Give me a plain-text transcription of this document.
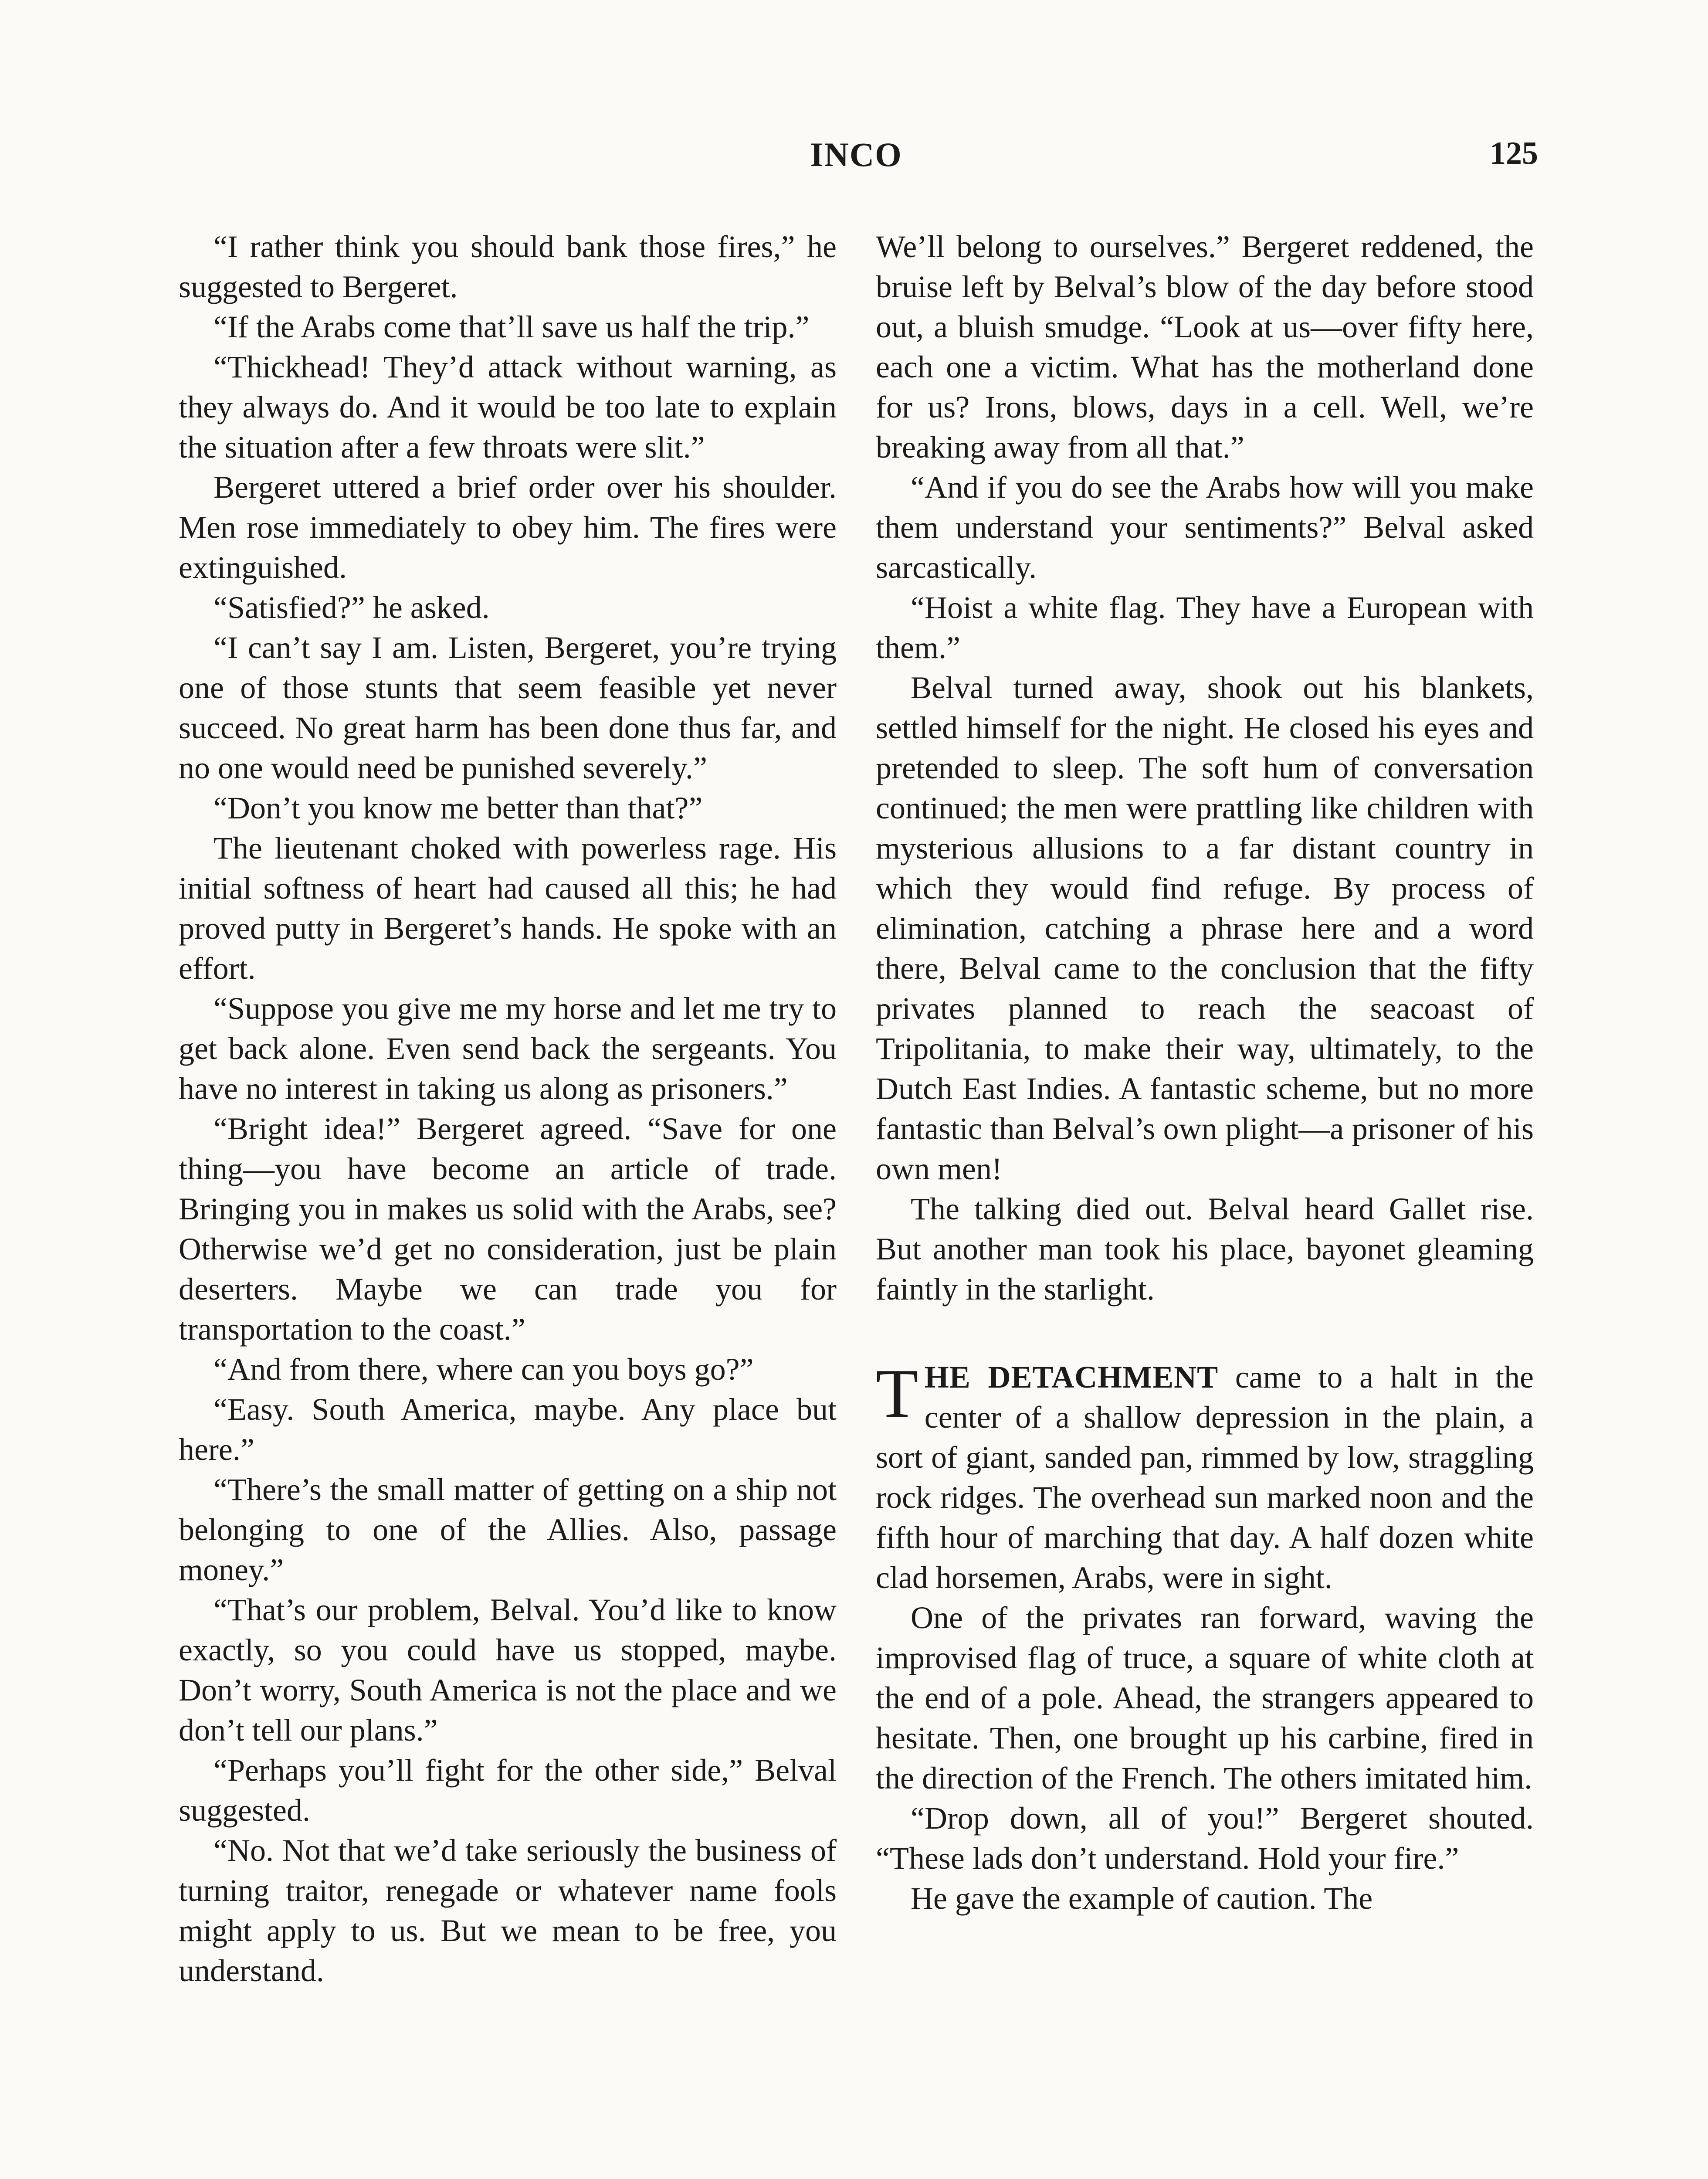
INCO	125

“I rather think you should bank those fires,” he suggested to Bergeret.

“If the Arabs come that’ll save us half the trip.”

“Thickhead! They’d attack without warning, as they always do. And it would be too late to explain the situation after a few throats were slit.”

Bergeret uttered a brief order over his shoulder. Men rose immediately to obey him. The fires were extinguished.

“Satisfied?” he asked.

“I can’t say I am. Listen, Bergeret, you’re trying one of those stunts that seem feasible yet never succeed. No great harm has been done thus far, and no one would need be punished severely.”

“Don’t you know me better than that?”

The lieutenant choked with powerless rage. His initial softness of heart had caused all this; he had proved putty in Bergeret’s hands. He spoke with an effort.

“Suppose you give me my horse and let me try to get back alone. Even send back the sergeants. You have no interest in taking us along as prisoners.”

“Bright idea!” Bergeret agreed. “Save for one thing—you have become an article of trade. Bringing you in makes us solid with the Arabs, see? Otherwise we’d get no consideration, just be plain deserters. Maybe we can trade you for transportation to the coast.”

“And from there, where can you boys go?”

“Easy. South America, maybe. Any place but here.”

“There’s the small matter of getting on a ship not belonging to one of the Allies. Also, passage money.”

“That’s our problem, Belval. You’d like to know exactly, so you could have us stopped, maybe. Don’t worry, South America is not the place and we don’t tell our plans.”

“Perhaps you’ll fight for the other side,” Belval suggested.

“No. Not that we’d take seriously the business of turning traitor, renegade or whatever name fools might apply to us. But we mean to be free, you understand.

We’ll belong to ourselves.” Bergeret reddened, the bruise left by Belval’s blow of the day before stood out, a bluish smudge. “Look at us—over fifty here, each one a victim. What has the motherland done for us? Irons, blows, days in a cell. Well, we’re breaking away from all that.”

“And if you do see the Arabs how will you make them understand your sentiments?” Belval asked sarcastically.

“Hoist a white flag. They have a European with them.”

Belval turned away, shook out his blankets, settled himself for the night. He closed his eyes and pretended to sleep. The soft hum of conversation continued; the men were prattling like children with mysterious allusions to a far distant country in which they would find refuge. By process of elimination, catching a phrase here and a word there, Belval came to the conclusion that the fifty privates planned to reach the seacoast of Tripolitania, to make their way, ultimately, to the Dutch East Indies. A fantastic scheme, but no more fantastic than Belval’s own plight—a prisoner of his own men!

The talking died out. Belval heard Gallet rise. But another man took his place, bayonet gleaming faintly in the starlight.

THE DETACHMENT came to a halt in the center of a shallow depression in the plain, a sort of giant, sanded pan, rimmed by low, straggling rock ridges. The overhead sun marked noon and the fifth hour of marching that day. A half dozen white clad horsemen, Arabs, were in sight.

One of the privates ran forward, waving the improvised flag of truce, a square of white cloth at the end of a pole. Ahead, the strangers appeared to hesitate. Then, one brought up his carbine, fired in the direction of the French. The others imitated him.

“Drop down, all of you!” Bergeret shouted. “These lads don’t understand. Hold your fire.”

He gave the example of caution. The
